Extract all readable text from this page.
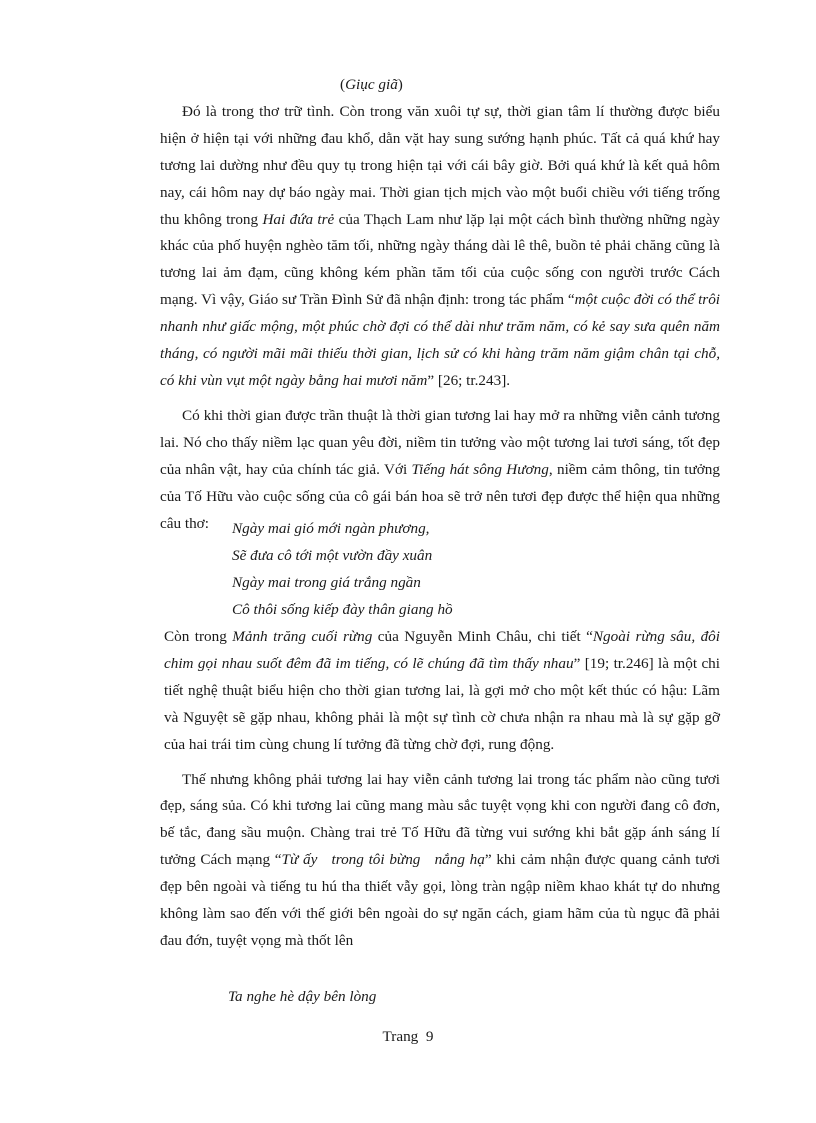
(Giục giã)

Đó là trong thơ trữ tình. Còn trong văn xuôi tự sự, thời gian tâm lí thường được biểu hiện ở hiện tại với những đau khổ, dằn vặt hay sung sướng hạnh phúc. Tất cả quá khứ hay tương lai dường như đều quy tụ trong hiện tại với cái bây giờ. Bởi quá khứ là kết quả hôm nay, cái hôm nay dự báo ngày mai. Thời gian tịch mịch vào một buổi chiều với tiếng trống thu không trong Hai đứa trẻ của Thạch Lam như lặp lại một cách bình thường những ngày khác của phố huyện nghèo tăm tối, những ngày tháng dài lê thê, buồn tẻ phải chăng cũng là tương lai ảm đạm, cũng không kém phần tăm tối của cuộc sống con người trước Cách mạng. Vì vậy, Giáo sư Trần Đình Sử đã nhận định: trong tác phẩm “một cuộc đời có thể trôi nhanh như giấc mộng, một phúc chờ đợi có thể dài như trăm năm, có kẻ say sưa quên năm tháng, có người mãi mãi thiếu thời gian, lịch sử có khi hàng trăm năm giậm chân tại chỗ, có khi vùn vụt một ngày bằng hai mươi năm” [26; tr.243].

Có khi thời gian được trần thuật là thời gian tương lai hay mở ra những viễn cảnh tương lai. Nó cho thấy niềm lạc quan yêu đời, niềm tin tưởng vào một tương lai tươi sáng, tốt đẹp của nhân vật, hay của chính tác giả. Với Tiếng hát sông Hương, niềm cảm thông, tin tưởng của Tố Hữu vào cuộc sống của cô gái bán hoa sẽ trở nên tươi đẹp được thể hiện qua những câu thơ:	Ngày mai gió mới ngàn phương,
Sẽ đưa cô tới một vườn đầy xuân
Ngày mai trong giá trắng ngần
Cô thôi sống kiếp đày thân giang hồ

Còn trong Mảnh trăng cuối rừng của Nguyễn Minh Châu, chi tiết “Ngoài rừng sâu, đôi chim gọi nhau suốt đêm đã im tiếng, có lẽ chúng đã tìm thấy nhau” [19; tr.246] là một chi tiết nghệ thuật biểu hiện cho thời gian tương lai, là gợi mở cho một kết thúc có hậu: Lãm và Nguyệt sẽ gặp nhau, không phải là một sự tình cờ chưa nhận ra nhau mà là sự gặp gỡ của hai trái tim cùng chung lí tưởng đã từng chờ đợi, rung động.

Thế nhưng không phải tương lai hay viễn cảnh tương lai trong tác phẩm nào cũng tươi đẹp, sáng sủa. Có khi tương lai cũng mang màu sắc tuyệt vọng khi con người đang cô đơn, bế tắc, đang sầu muộn. Chàng trai trẻ Tố Hữu đã từng vui sướng khi bắt gặp ánh sáng lí tưởng Cách mạng “Từ ấy   trong tôi bừng   nắng hạ” khi cảm nhận được quang cảnh tươi đẹp bên ngoài và tiếng tu hú tha thiết vẫy gọi, lòng tràn ngập niềm khao khát tự do nhưng không làm sao đến với thế giới bên ngoài do sự ngăn cách, giam hãm của tù ngục đã phải đau đớn, tuyệt vọng mà thốt lên

Ta nghe hè dậy bên lòng
Trang  9
